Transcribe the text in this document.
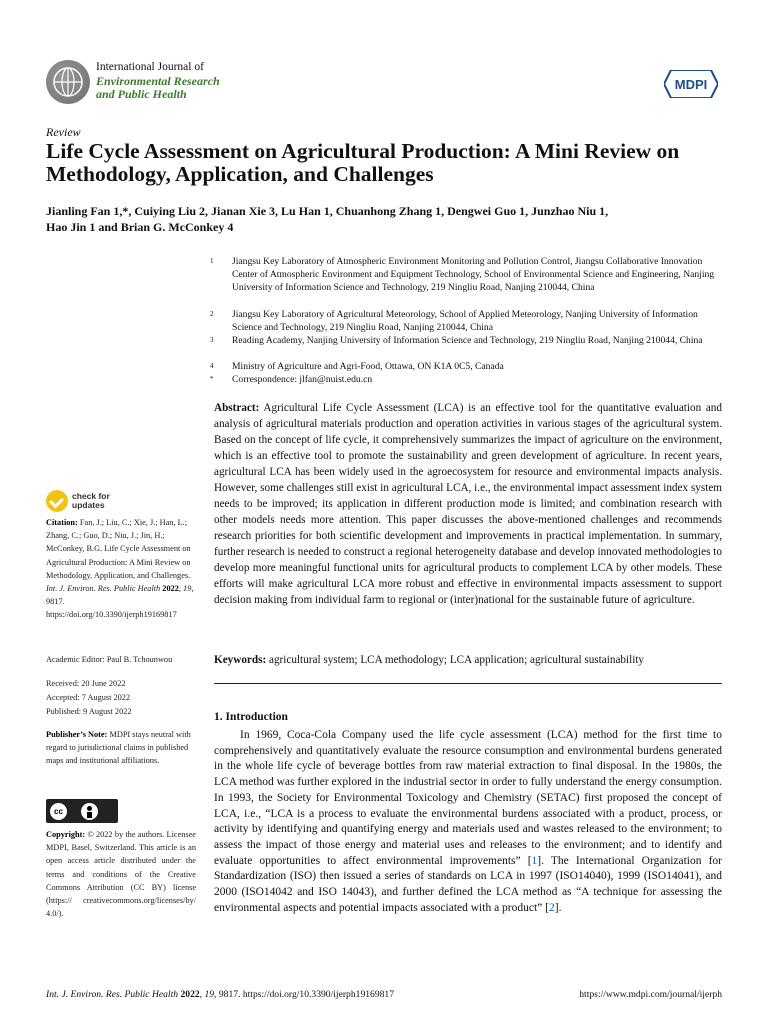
International Journal of
Environmental Research
and Public Health
MDPI
Review
Life Cycle Assessment on Agricultural Production: A Mini Review on Methodology, Application, and Challenges
Jianling Fan 1,*, Cuiying Liu 2, Jianan Xie 3, Lu Han 1, Chuanhong Zhang 1, Dengwei Guo 1, Junzhao Niu 1,
Hao Jin 1 and Brian G. McConkey 4
1 Jiangsu Key Laboratory of Atmospheric Environment Monitoring and Pollution Control, Jiangsu Collaborative Innovation Center of Atmospheric Environment and Equipment Technology, School of Environmental Science and Engineering, Nanjing University of Information Science and Technology, 219 Ningliu Road, Nanjing 210044, China
2 Jiangsu Key Laboratory of Agricultural Meteorology, School of Applied Meteorology, Nanjing University of Information Science and Technology, 219 Ningliu Road, Nanjing 210044, China
3 Reading Academy, Nanjing University of Information Science and Technology, 219 Ningliu Road, Nanjing 210044, China
4 Ministry of Agriculture and Agri-Food, Ottawa, ON K1A 0C5, Canada
* Correspondence: jlfan@nuist.edu.cn
Abstract: Agricultural Life Cycle Assessment (LCA) is an effective tool for the quantitative evaluation and analysis of agricultural materials production and operation activities in various stages of the agricultural system. Based on the concept of life cycle, it comprehensively summarizes the impact of agriculture on the environment, which is an effective tool to promote the sustainability and green development of agriculture. In recent years, agricultural LCA has been widely used in the agroecosystem for resource and environmental impacts analysis. However, some challenges still exist in agricultural LCA, i.e., the environmental impact assessment index system needs to be improved; its application in different production mode is limited; and combination research with other models needs more attention. This paper discusses the above-mentioned challenges and recommends research priorities for both scientific development and improvements in practical implementation. In summary, further research is needed to construct a regional heterogeneity database and develop innovated methodologies to develop more meaningful functional units for agricultural products to complement LCA by other models. These efforts will make agricultural LCA more robust and effective in environmental impacts assessment to support decision making from individual farm to regional or (inter)national for the sustainable future of agriculture.
Keywords: agricultural system; LCA methodology; LCA application; agricultural sustainability
1. Introduction

In 1969, Coca-Cola Company used the life cycle assessment (LCA) method for the first time to comprehensively and quantitatively evaluate the resource consumption and environmental burdens generated in the whole life cycle of beverage bottles from raw material extraction to final disposal. In the 1980s, the LCA method was further explored in the industrial sector in order to fully understand the energy consumption. In 1993, the Society for Environmental Toxicology and Chemistry (SETAC) first proposed the concept of LCA, i.e., “LCA is a process to evaluate the environmental burdens associated with a product, process, or activity by identifying and quantifying energy and materials used and wastes released to the environment; to assess the impact of those energy and material uses and releases to the environment; and to identify and evaluate opportunities to affect environmental improvements” [1]. The International Organization for Standardization (ISO) then issued a series of standards on LCA in 1997 (ISO14040), 1999 (ISO14041), and 2000 (ISO14042 and ISO 14043), and further defined the LCA method as “A technique for assessing the environmental aspects and potential impacts associated with a product” [2].

check for
updates
Citation: Fan, J.; Liu, C.; Xie, J.; Han, L.; Zhang, C.; Guo, D.; Niu, J.; Jin, H.; McConkey, B.G. Life Cycle Assessment on Agricultural Production: A Mini Review on Methodology, Application, and Challenges. Int. J. Environ. Res. Public Health 2022, 19, 9817. https://doi.org/10.3390/ijerph19169817
Academic Editor: Paul B. Tchounwou
Received: 20 June 2022
Accepted: 7 August 2022
Published: 9 August 2022
Publisher’s Note: MDPI stays neutral with regard to jurisdictional claims in published maps and institutional affiliations.
cc
Copyright: © 2022 by the authors. Licensee MDPI, Basel, Switzerland. This article is an open access article distributed under the terms and conditions of the Creative Commons Attribution (CC BY) license (https:// creativecommons.org/licenses/by/ 4.0/).
Int. J. Environ. Res. Public Health 2022, 19, 9817. https://doi.org/10.3390/ijerph19169817	https://www.mdpi.com/journal/ijerph
